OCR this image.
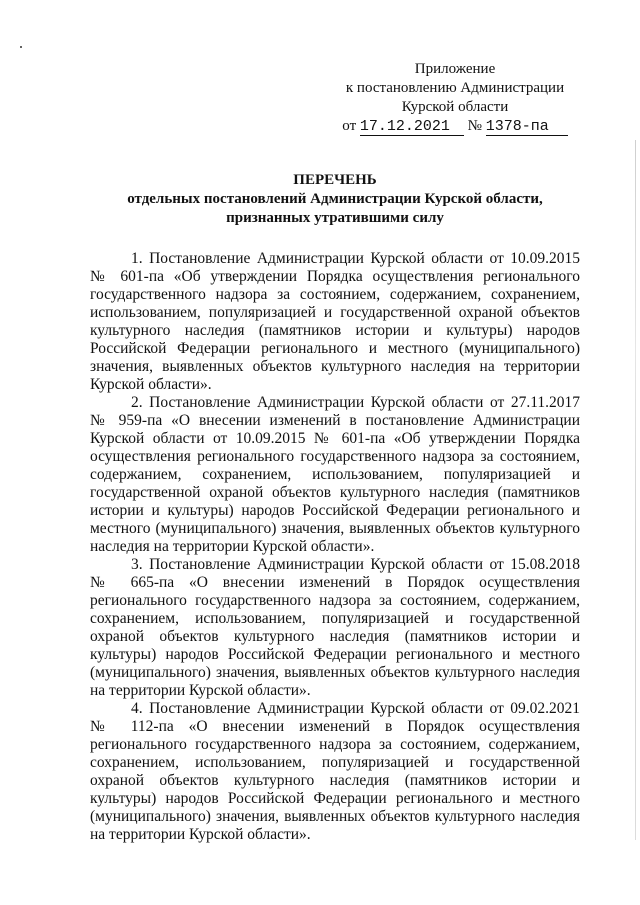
Приложение
к постановлению Администрации
Курской области
от 17.12.2021 № 1378-па
ПЕРЕЧЕНЬ
отдельных постановлений Администрации Курской области,
признанных утратившими силу

1. Постановление Администрации Курской области от 10.09.2015 № 601-па «Об утверждении Порядка осуществления регионального государственного надзора за состоянием, содержанием, сохранением, использованием, популяризацией и государственной охраной объектов культурного наследия (памятников истории и культуры) народов Российской Федерации регионального и местного (муниципального) значения, выявленных объектов культурного наследия на территории Курской области».

2. Постановление Администрации Курской области от 27.11.2017 № 959-па «О внесении изменений в постановление Администрации Курской области от 10.09.2015 № 601-па «Об утверждении Порядка осуществления регионального государственного надзора за состоянием, содержанием, сохранением, использованием, популяризацией и государственной охраной объектов культурного наследия (памятников истории и культуры) народов Российской Федерации регионального и местного (муниципального) значения, выявленных объектов культурного наследия на территории Курской области».

3. Постановление Администрации Курской области от 15.08.2018 № 665-па «О внесении изменений в Порядок осуществления регионального государственного надзора за состоянием, содержанием, сохранением, использованием, популяризацией и государственной охраной объектов культурного наследия (памятников истории и культуры) народов Российской Федерации регионального и местного (муниципального) значения, выявленных объектов культурного наследия на территории Курской области».

4. Постановление Администрации Курской области от 09.02.2021 № 112-па «О внесении изменений в Порядок осуществления регионального государственного надзора за состоянием, содержанием, сохранением, использованием, популяризацией и государственной охраной объектов культурного наследия (памятников истории и культуры) народов Российской Федерации регионального и местного (муниципального) значения, выявленных объектов культурного наследия на территории Курской области».
